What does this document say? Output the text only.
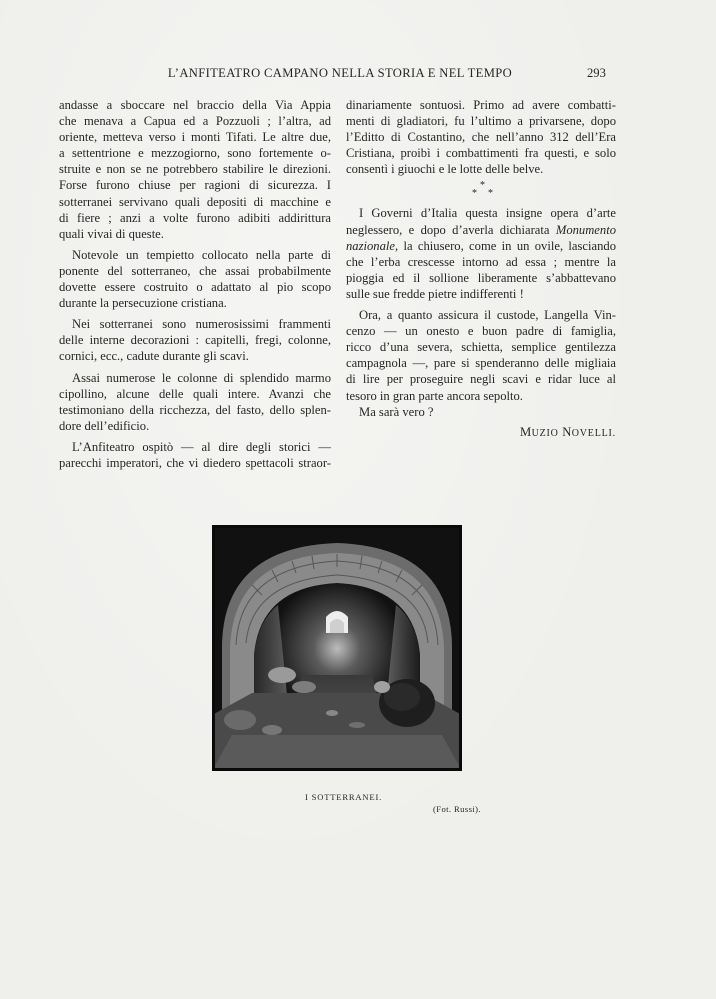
L’ANFITEATRO CAMPANO NELLA STORIA E NEL TEMPO	293
andasse a sboccare nel braccio della Via Appia
che menava a Capua ed a Pozzuoli ; l’altra, ad
oriente, metteva verso i monti Tifati. Le altre due,
a settentrione e mezzogiorno, sono fortemente o-
struite e non se ne potrebbero stabilire le direzioni.
Forse furono chiuse per ragioni di sicurezza. I
sotterranei servivano quali depositi di macchine e
di fiere ; anzi a volte furono adibiti addirittura
quali vivai di queste.
Notevole un tempietto collocato nella parte di
ponente del sotterraneo, che assai probabilmente
dovette essere costruito o adattato al pio scopo
durante la persecuzione cristiana.
Nei sotterranei sono numerosissimi frammenti
delle interne decorazioni : capitelli, fregi, colonne,
cornici, ecc., cadute durante gli scavi.
Assai numerose le colonne di splendido marmo
cipollino, alcune delle quali intere. Avanzi che
testimoniano della ricchezza, del fasto, dello splen-
dore dell’edificio.
L’Anfiteatro ospitò — al dire degli storici —
parecchi imperatori, che vi diedero spettacoli straor-
dinariamente sontuosi. Primo ad avere combatti-
menti di gladiatori, fu l’ultimo a privarsene, dopo
l’Editto di Costantino, che nell’anno 312 dell’Era
Cristiana, proibì i combattimenti fra questi, e solo
consentì i giuochi e le lotte delle belve.
*
* *
I Governi d’Italia questa insigne opera d’arte
neglessero, e dopo d’averla dichiarata Monumento
nazionale, la chiusero, come in un ovile, lasciando
che l’erba crescesse intorno ad essa ; mentre la
pioggia ed il sollione liberamente s’abbattevano
sulle sue fredde pietre indifferenti !
Ora, a quanto assicura il custode, Langella Vin-
cenzo — un onesto e buon padre di famiglia,
ricco d’una severa, schietta, semplice gentilezza
campagnola —, pare si spenderanno delle migliaia
di lire per proseguire negli scavi e ridar luce al
tesoro in gran parte ancora sepolto.
Ma sarà vero ?
MUZIO NOVELLI.
I SOTTERRANEI.
(Fot. Russi).
